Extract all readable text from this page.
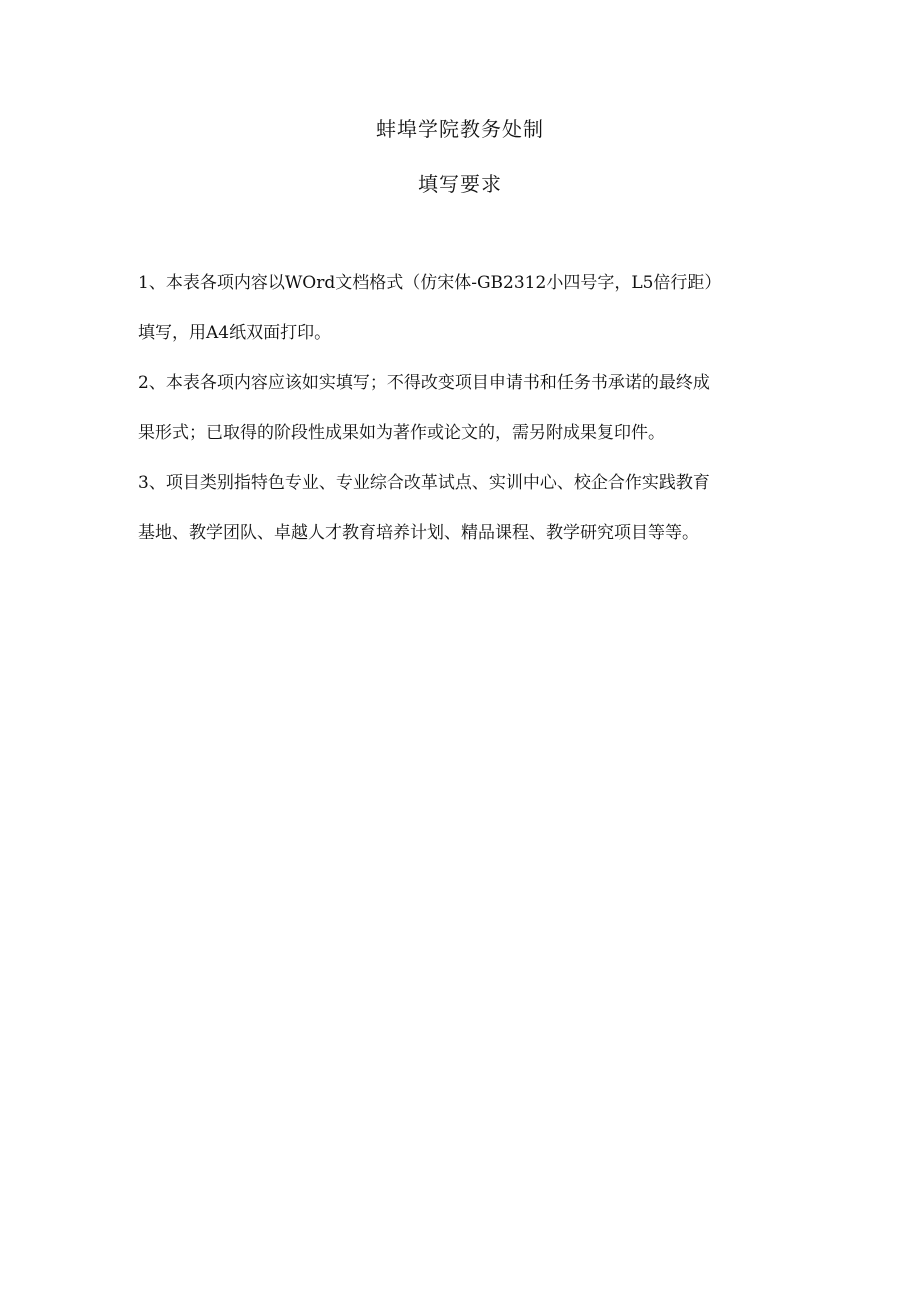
蚌埠学院教务处制
填写要求
1、本表各项内容以WOrd文档格式（仿宋体-GB2312小四号字，L5倍行距）
填写，用A4纸双面打印。
2、本表各项内容应该如实填写；不得改变项目申请书和任务书承诺的最终成
果形式；已取得的阶段性成果如为著作或论文的，需另附成果复印件。
3、项目类别指特色专业、专业综合改革试点、实训中心、校企合作实践教育
基地、教学团队、卓越人才教育培养计划、精品课程、教学研究项目等等。
